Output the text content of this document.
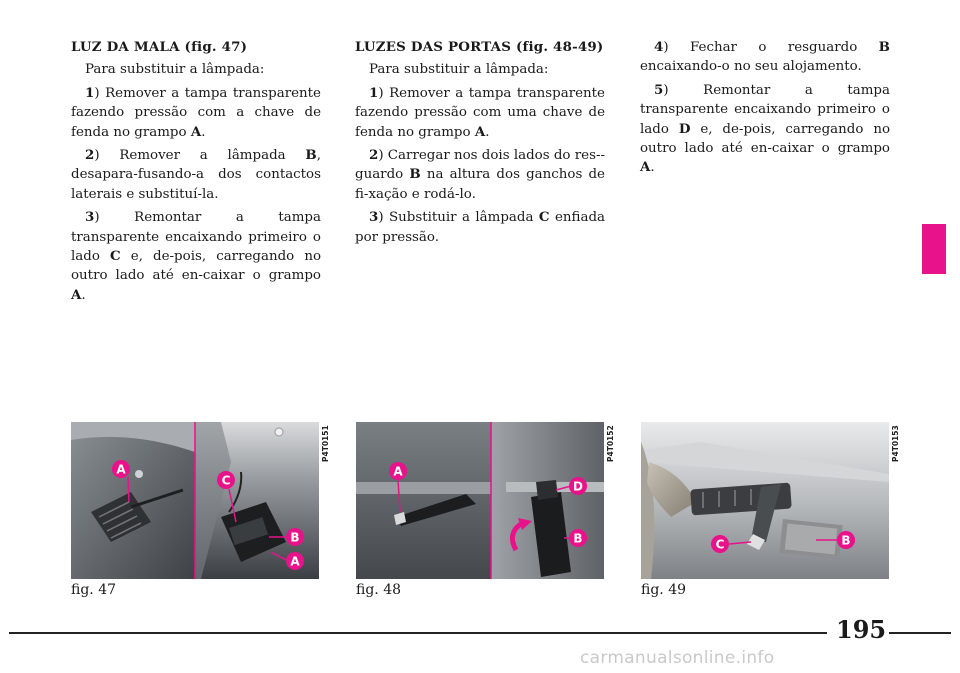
LUZ DA MALA (fig. 47)

Para substituir a lâmpada:

1) Remover a tampa transparente fazendo pressão com a chave de fenda no grampo A.

2) Remover a lâmpada B, desapara-fusando-a dos contactos laterais e substituí-la.

3) Remontar a tampa transparente encaixando primeiro o lado C e, de-pois, carregando no outro lado até en-caixar o grampo A.

LUZES DAS PORTAS (fig. 48-49)

Para substituir a lâmpada:

1) Remover a tampa transparente fazendo pressão com uma chave de fenda no grampo A.

2) Carregar nos dois lados do res-guardo B na altura dos ganchos de fi-xação e rodá-lo.

3) Substituir a lâmpada C enfiada por pressão.

4) Fechar o resguardo B encaixando-o no seu alojamento.

5) Remontar a tampa transparente encaixando primeiro o lado D e, de-pois, carregando no outro lado até en-caixar o grampo A.

A
C
B
A
P4T0151
fig. 47
A
D
B
P4T0152
fig. 48
C	B
P4T0153
fig. 49
195
carmanualsonline.info
